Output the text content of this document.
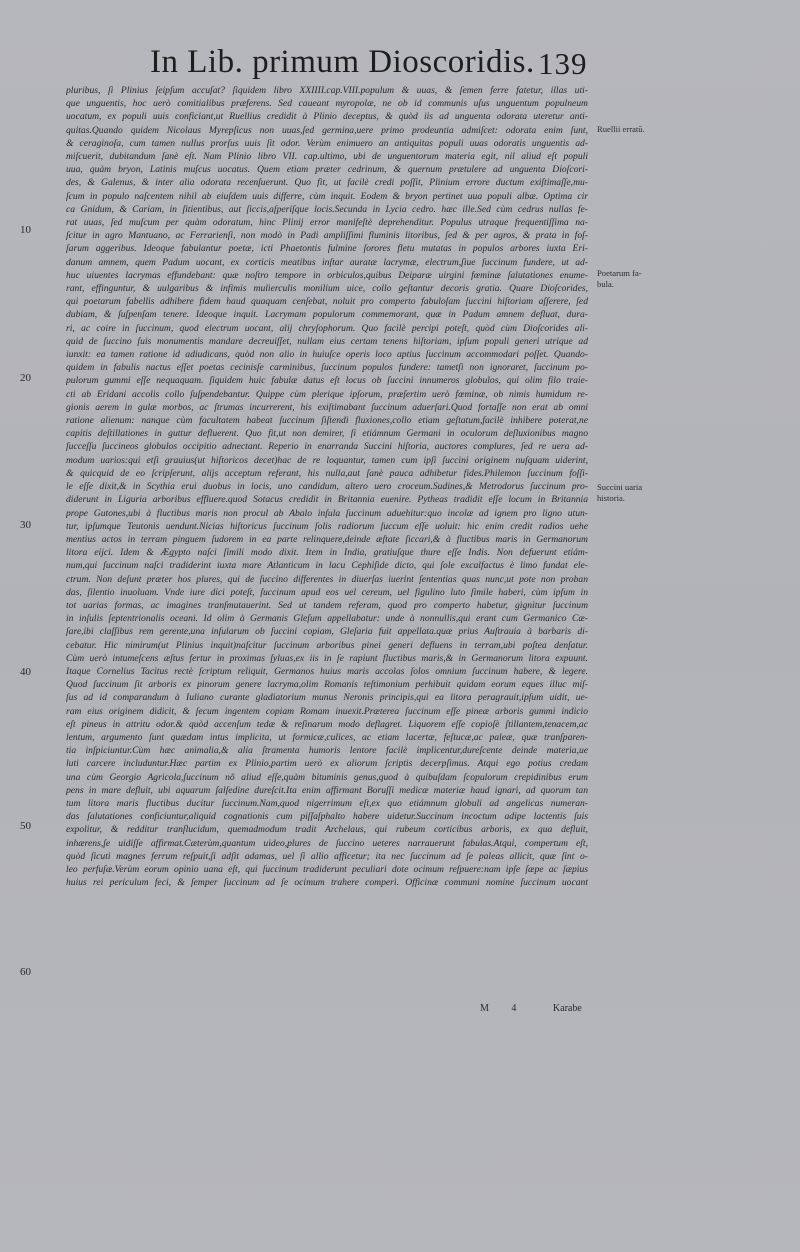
In Lib. primum Dioscoridis. 139
pluribus, ſi Plinius ſeipſum accuſat? ſiquidem libro XXIIII.cap.VIII.populum & uuas, & ſemen ferre fatetur, illas uti-
que unguentis, hoc uerò comitialibus præferens. Sed caueant myropolæ, ne ob id communis uſus unguentum populneum
uocatum, ex populi uuis conficiant,ut Ruellius credidit à Plinio deceptus, & quòd iis ad unguenta odorata uteretur anti-
quitas.Quando quidem Nicolaus Myrepſicus non uuas,ſed germina,uere primo prodeuntia admiſcet: odorata enim ſunt,
& ceraginoſa, cum tamen nullus prorſus uuis ſit odor. Verùm enimuero an antiquitas populi uuas odoratis unguentis ad-
miſcuerit, dubitandum ſanè eſt. Nam Plinio libro VII. cap.ultimo, ubi de unguentorum materia egit, nil aliud eſt populi
uua, quàm bryon, Latinis muſcus uocatus. Quem etiam præter cedrinum, & quernum prætulere ad unguenta Dioſcori-
des, & Galenus, & inter alia odorata recenſuerunt. Quo fit, ut facilè credi poſſit, Plinium errore ductum exiſtimaſſe,mu-
ſcum in populo naſcentem nihil ab eiuſdem uuis differre, cùm inquit. Eodem & bryon pertinet uua populi albæ. Optima cir
ca Gnidum, & Cariam, in ſitientibus, aut ſiccis,aſperiſque locis.Secunda in Lycia cedro. hæc ille.Sed cùm cedrus nullas fe-
rat uuas, ſed muſcum per quàm odoratum, hinc Plinij error manifeſtè deprehenditur. Populus utraque frequentiſſima na-
ſcitur in agro Mantuano, ac Ferrarienſi, non modò in Padi ampliſſimi fluminis litoribus, ſed & per agros, & prata in foſ-
ſarum aggeribus. Ideoque fabulantur poetæ, icti Phaetontis fulmine ſorores fletu mutatas in populos arbores iuxta Eri-
danum amnem, quem Padum uocant, ex corticis meatibus inſtar auratæ lacrymæ, electrum,ſiue ſuccinum fundere, ut ad-
huc uiuentes lacrymas effundebant: quæ noſtro tempore in orbiculos,quibus Deiparæ uirgini fœminæ ſalutationes enume-
rant, effinguntur, & uulgaribus & infimis mulierculis monilium uice, collo geſtantur decoris gratia. Quare Dioſcorides,
qui poetarum fabellis adhibere fidem haud quaquam cenſebat, noluit pro comperto fabuloſam ſuccini hiſtoriam aſſerere, ſed
dubiam, & ſuſpenſam tenere. Ideoque inquit. Lacrymam populorum commemorant, quæ in Padum amnem defluat, dura-
ri, ac coire in ſuccinum, quod electrum uocant, alij chryſophorum. Quo facilè percipi poteſt, quòd cùm Dioſcorides ali-
quid de ſuccino ſuis monumentis mandare decreuiſſet, nullam eius certam tenens hiſtoriam, ipſum populi generi utrique ad
iunxit: ea tamen ratione id adiudicans, quòd non alio in huiuſce operis loco aptius ſuccinum accommodari poſſet. Quando-
quidem in fabulis nactus eſſet poetas cecinisſe carminibus, ſuccinum populos fundere: tametſi non ignoraret, ſuccinum po-
pulorum gummi eſſe nequaquam. ſiquidem huic fabulæ datus eſt locus ob ſuccini innumeros globulos, qui olim filo traie-
cti ab Eridani accolis collo ſuſpendebantur. Quippe cùm plerique ipſorum, præſertim uerò fœminæ, ob nimis humidum re-
gionis aerem in gulæ morbos, ac ſtrumas incurrerent, his exiſtimabant ſuccinum aduerſari.Quod fortaſſe non erat ab omni
ratione alienum: nanque cùm facultatem habeat ſuccinum ſiſtendi fluxiones,collo etiam geſtatum,facilè inhibere poterat,ne
capitis deſtillationes in guttur defluerent. Quo fit,ut non demirer, ſi etiámnum Germani in oculorum deſluxionibus magno
ſucceſſu ſuccineos globulos occipitio adnectant. Reperio in enarranda Succini hiſtoria, auctores complures, ſed re uera ad-
modum uarios:qui etſi grauius(ut hiſtoricos decet)hac de re loquantur, tamen cum ipſi ſuccini originem nuſquam uiderint,
& quicquid de eo ſcripſerunt, alijs acceptum referant, his nulla,aut ſanè pauca adhibetur fides.Philemon ſuccinum foſſi-
le eſſe dixit,& in Scythia erui duobus in locis, uno candidum, altero uero croceum.Sudines,& Metrodorus ſuccinum pro-
diderunt in Liguria arboribus effluere.quod Sotacus credidit in Britannia euenire. Pytheas tradidit eſſe locum in Britannia
prope Gutones,ubi à fluctibus maris non procul ab Abalo inſula ſuccinum aduehitur:quo incolæ ad ignem pro ligno utun-
tur, ipſumque Teutonis uendunt.Nicias hiſtoricus ſuccinum ſolis radiorum ſuccum eſſe uoluit: hic enim credit radios uehe
mentius actos in terram pinguem ſudorem in ea parte relinquere,deinde æſtate ſiccari,& à fluctibus maris in Germanorum
litora eijci. Idem & Ægypto naſci ſimili modo dixit. Item in India, gratiuſque thure eſſe Indis. Non defuerunt etiám-
num,qui ſuccinum naſci tradiderint iuxta mare Atlanticum in lacu Cephiſide dicto, qui ſole excalfactus è limo fundat ele-
ctrum. Non deſunt præter hos plures, qui de ſuccino differentes in diuerſas iuerint ſententias quas nunc,ut pote non proban
das, ſilentio inuoluam. Vnde iure dici poteſt, ſuccinum apud eos uel cereum, uel figulino luto ſimile haberi, cùm ipſum in
tot uarias formas, ac imagines tranſmutauerint. Sed ut tandem referam, quod pro comperto habetur, gignitur ſuccinum
in inſulis ſeptentrionalis oceani. Id olim à Germanis Gleſum appellabatur: unde à nonnullis,qui erant cum Germanico Cæ-
ſare,ibi claſſibus rem gerente,una inſularum ob ſuccini copiam, Gleſaria fuit appellata.quæ prius Auſtrauia à barbaris di-
cebatur. Hic nimirum(ut Plinius inquit)naſcitur ſuccinum arboribus pinei generi defluens in terram,ubi poſtea denſatur.
Cùm uerò intumeſcens æſtus fertur in proximas ſyluas,ex iis in ſe rapiunt fluctibus maris,& in Germanorum litora expuunt.
Itaque Cornelius Tacitus rectè ſcriptum reliquit, Germanos huius maris accolas ſolos omnium ſuccinum habere, & legere.
Quod ſuccinum ſit arboris ex pinorum genere lacryma,olim Romanis teſtimonium perhibuit quidam eorum eques illuc miſ-
ſus ad id comparandum à Iuliano curante gladiatorium munus Neronis principis,qui ea litora peragrauit,ipſum uidit, ue-
ram eius originem didicit, & ſecum ingentem copiam Romam inuexit.Præterea ſuccinum eſſe pineæ arboris gummi indicio
eſt pineus in attritu odor.& quòd accenſum tedæ & reſinarum modo deflagret. Liquorem eſſe copioſè ſtillantem,tenacem,ac
lentum, argumento ſunt quædam intus implicita, ut formicæ,culices, ac etiam lacertæ, feſtucæ,ac paleæ, quæ tranſparen-
tia inſpiciuntur.Cùm hæc animalia,& alia ſtramenta humoris lentore facilè implicentur,dureſcente deinde materia,ue
luti carcere includuntur.Hæc partim ex Plinio,partim uerò ex aliorum ſcriptis decerpſimus. Atqui ego potius credam
una cùm Georgio Agricola,ſuccinum nõ aliud eſſe,quàm bituminis genus,quod à quibuſdam ſcopulorum crepidinibus erum
pens in mare defluit, ubi aquarum ſalſedine dureſcit.Ita enim affirmant Boruſſi medicæ materiæ haud ignari, ad quorum tan
tum litora maris fluctibus ducitur ſuccinum.Nam,quod nigerrimum eſt,ex quo etiámnum globuli ad angelicas numeran-
das ſalutationes conficiuntur,aliquid cognationis cum piſſaſphalto habere uidetur.Succinum incoctum adipe lactentis ſuis
expolitur, & redditur tranſlucidum, quemadmodum tradit Archelaus, qui rubeum corticibus arboris, ex qua defluit,
inhærens,ſe uidiſſe affirmat.Cæterùm,quantum uideo,plures de ſuccino ueteres narrauerunt fabulas.Atqui, compertum eſt,
quòd ſicuti magnes ferrum reſpuit,ſi adſit adamas, uel ſi allio afficetur; ita nec ſuccinum ad ſe paleas allicit, quæ ſint o-
leo perfuſæ.Verùm eorum opinio uana eſt, qui ſuccinum tradiderunt peculiari dote ocimum reſpuere:nam ipſe ſæpe ac ſæpius
huius rei periculum feci, & ſemper ſuccinum ad ſe ocimum trahere comperi. Officinæ communi nomine ſuccinum uocant
10
20
30
40
50
60
Ruellii erratū.
Poetarum fa-
bula.
Succini uaria
historia.
M 4	Karabe
